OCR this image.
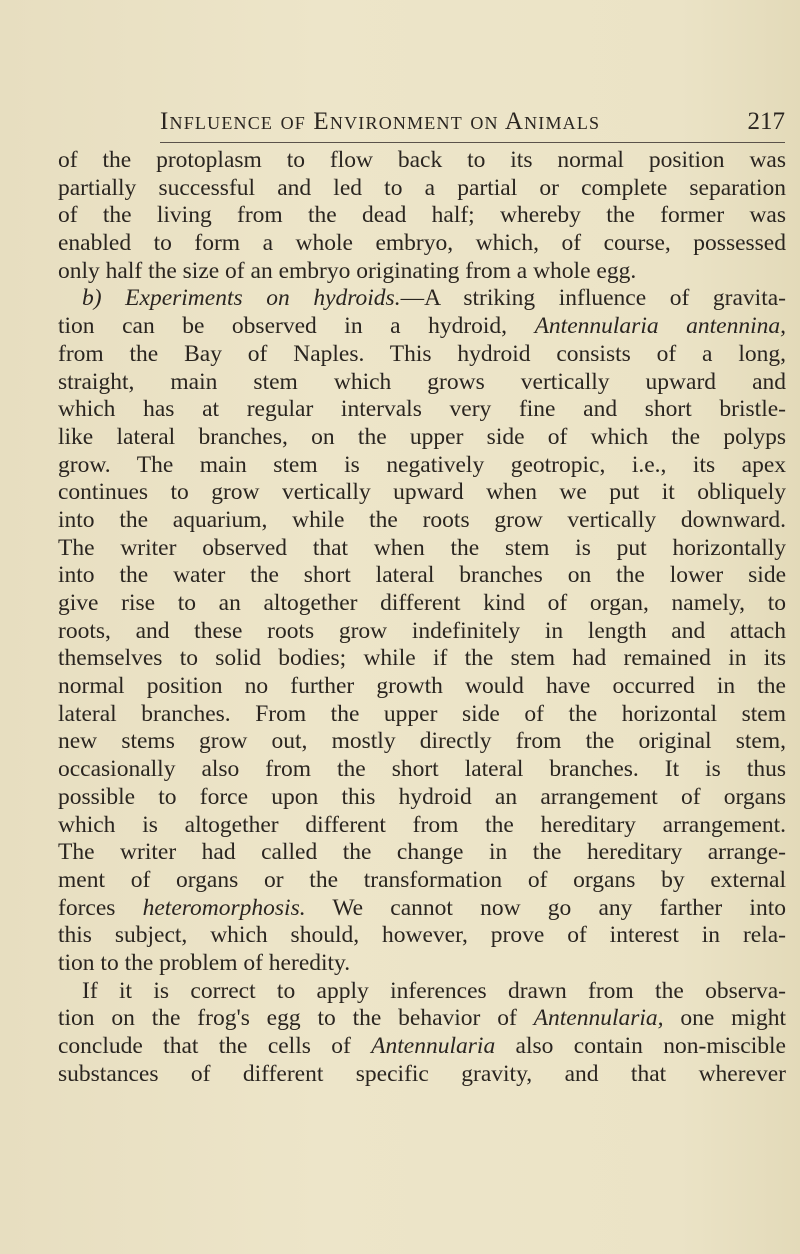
Influence of Environment on Animals	217
of the protoplasm to flow back to its normal position was
partially successful and led to a partial or complete separation
of the living from the dead half; whereby the former was
enabled to form a whole embryo, which, of course, possessed
only half the size of an embryo originating from a whole egg.
b) Experiments on hydroids.—A striking influence of gravita-
tion can be observed in a hydroid, Antennularia antennina,
from the Bay of Naples. This hydroid consists of a long,
straight, main stem which grows vertically upward and
which has at regular intervals very fine and short bristle-
like lateral branches, on the upper side of which the polyps
grow. The main stem is negatively geotropic, i.e., its apex
continues to grow vertically upward when we put it obliquely
into the aquarium, while the roots grow vertically downward.
The writer observed that when the stem is put horizontally
into the water the short lateral branches on the lower side
give rise to an altogether different kind of organ, namely, to
roots, and these roots grow indefinitely in length and attach
themselves to solid bodies; while if the stem had remained in its
normal position no further growth would have occurred in the
lateral branches. From the upper side of the horizontal stem
new stems grow out, mostly directly from the original stem,
occasionally also from the short lateral branches. It is thus
possible to force upon this hydroid an arrangement of organs
which is altogether different from the hereditary arrangement.
The writer had called the change in the hereditary arrange-
ment of organs or the transformation of organs by external
forces heteromorphosis. We cannot now go any farther into
this subject, which should, however, prove of interest in rela-
tion to the problem of heredity.
If it is correct to apply inferences drawn from the observa-
tion on the frog's egg to the behavior of Antennularia, one might
conclude that the cells of Antennularia also contain non-miscible
substances of different specific gravity, and that wherever
